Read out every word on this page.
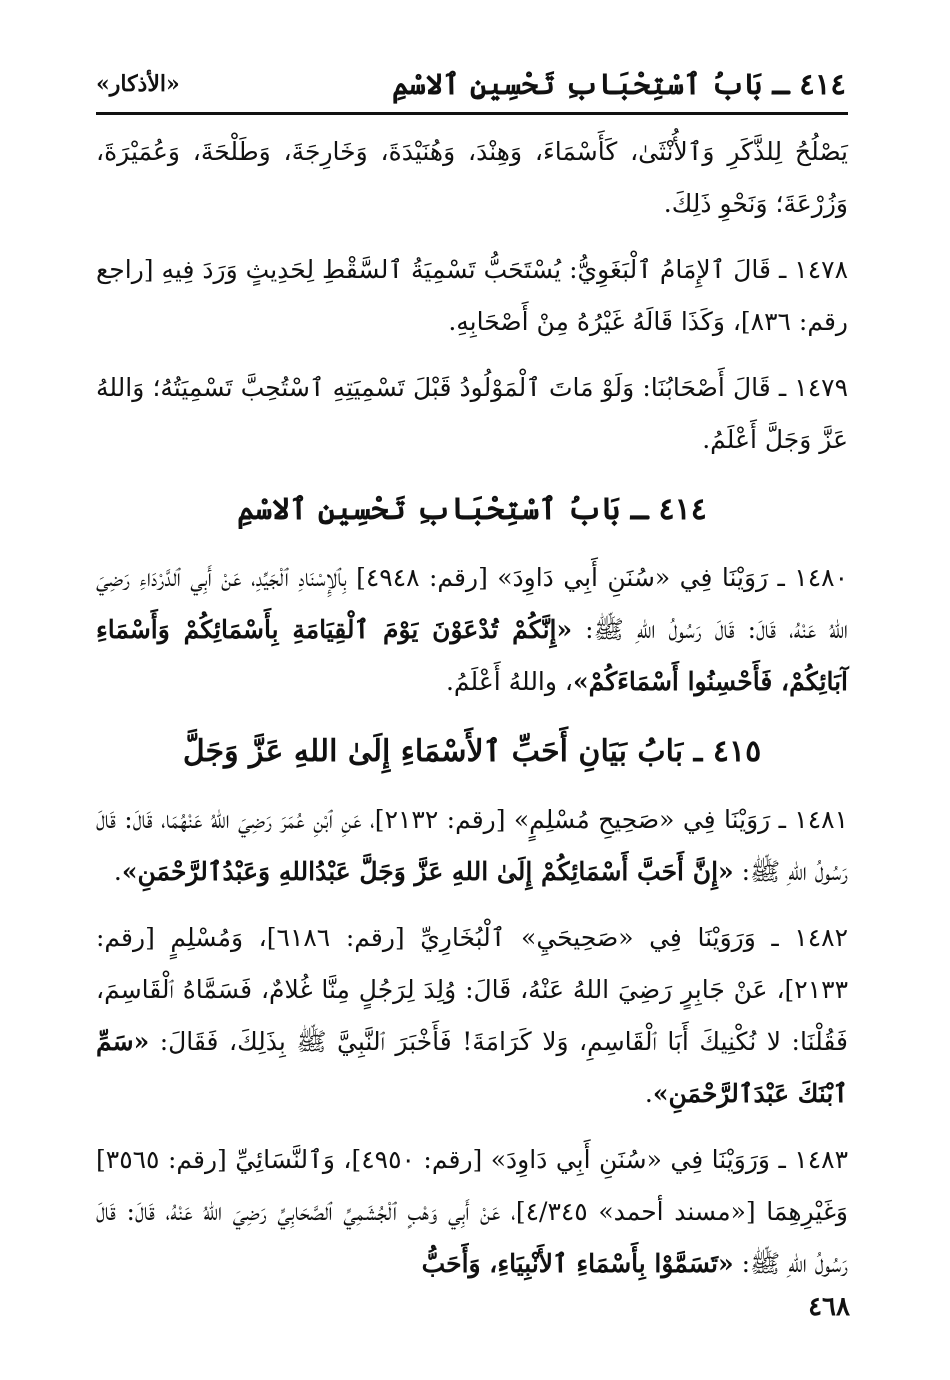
٤١٤ ـ بَابُ ٱسْتِحْبَابِ تَحْسِينِ ٱلاسْمِ
«الأذكار»

يَصْلُحُ لِلذَّكَرِ وَٱلأُنْثَىٰ، كَأَسْمَاءَ، وَهِنْدَ، وَهُنَيْدَةَ، وَخَارِجَةَ، وَطَلْحَةَ، وَعُمَيْرَةَ، وَزُرْعَةَ؛ وَنَحْوِ ذَلِكَ.

١٤٧٨ ـ قَالَ ٱلإِمَامُ ٱلْبَغَوِيُّ: يُسْتَحَبُّ تَسْمِيَةُ ٱلسَّقْطِ لِحَدِيثٍ وَرَدَ فِيهِ [راجع رقم: ٨٣٦]، وَكَذَا قَالَهُ غَيْرُهُ مِنْ أَصْحَابِهِ.

١٤٧٩ ـ قَالَ أَصْحَابُنَا: وَلَوْ مَاتَ ٱلْمَوْلُودُ قَبْلَ تَسْمِيَتِهِ ٱسْتُحِبَّ تَسْمِيَتُهُ؛ وَاللهُ عَزَّ وَجَلَّ أَعْلَمُ.

٤١٤ ـ بَابُ ٱسْتِحْبَابِ تَحْسِينِ ٱلاسْمِ

١٤٨٠ ـ رَوَيْنَا فِي «سُنَنِ أَبِي دَاوِدَ» [رقم: ٤٩٤٨] بِٱلإِسْنَادِ ٱلْجَيِّدِ، عَنْ أَبِي ٱلدَّرْدَاءِ رَضِيَ اللهُ عَنْهُ، قَالَ: قَالَ رَسُولُ اللهِ ﷺ: «إِنَّكُمْ تُدْعَوْنَ يَوْمَ ٱلْقِيَامَةِ بِأَسْمَائِكُمْ وَأَسْمَاءِ آبَائِكُمْ، فَأَحْسِنُوا أَسْمَاءَكُمْ»، واللهُ أَعْلَمُ.

٤١٥ ـ بَابُ بَيَانِ أَحَبِّ ٱلأَسْمَاءِ إِلَىٰ اللهِ عَزَّ وَجَلَّ

١٤٨١ ـ رَوَيْنَا فِي «صَحِيحِ مُسْلِمٍ» [رقم: ٢١٣٢]، عَنِ ٱبْنِ عُمَرَ رَضِيَ اللهُ عَنْهُمَا، قَالَ: قَالَ رَسُولُ اللهِ ﷺ: «إِنَّ أَحَبَّ أَسْمَائِكُمْ إِلَىٰ اللهِ عَزَّ وَجَلَّ عَبْدُاللهِ وَعَبْدُٱلرَّحْمَنِ».

١٤٨٢ ـ وَرَوَيْنَا فِي «صَحِيحَيِ» ٱلْبُخَارِيِّ [رقم: ٦١٨٦]، وَمُسْلِمٍ [رقم: ٢١٣٣]، عَنْ جَابِرٍ رَضِيَ اللهُ عَنْهُ، قَالَ: وُلِدَ لِرَجُلٍ مِنَّا غُلامٌ، فَسَمَّاهُ ٱلْقَاسِمَ، فَقُلْنَا: لا نُكْنِيكَ أَبَا ٱلْقَاسِمِ، وَلا كَرَامَةَ! فَأَخْبَرَ ٱلنَّبِيَّ ﷺ بِذَلِكَ، فَقَالَ: «سَمِّ ٱبْنَكَ عَبْدَٱلرَّحْمَنِ».

١٤٨٣ ـ وَرَوَيْنَا فِي «سُنَنِ أَبِي دَاوِدَ» [رقم: ٤٩٥٠]، وَٱلنَّسَائِيِّ [رقم: ٣٥٦٥] وَغَيْرِهِمَا [«مسند أحمد» ٤/٣٤٥]، عَنْ أَبِي وَهْبٍ ٱلْجُشَمِيِّ ٱلصَّحَابِيِّ رَضِيَ اللهُ عَنْهُ، قَالَ: قَالَ رَسُولُ اللهِ ﷺ: «تَسَمَّوْا بِأَسْمَاءِ ٱلأَنْبِيَاءِ، وَأَحَبُّ

٤٦٨
